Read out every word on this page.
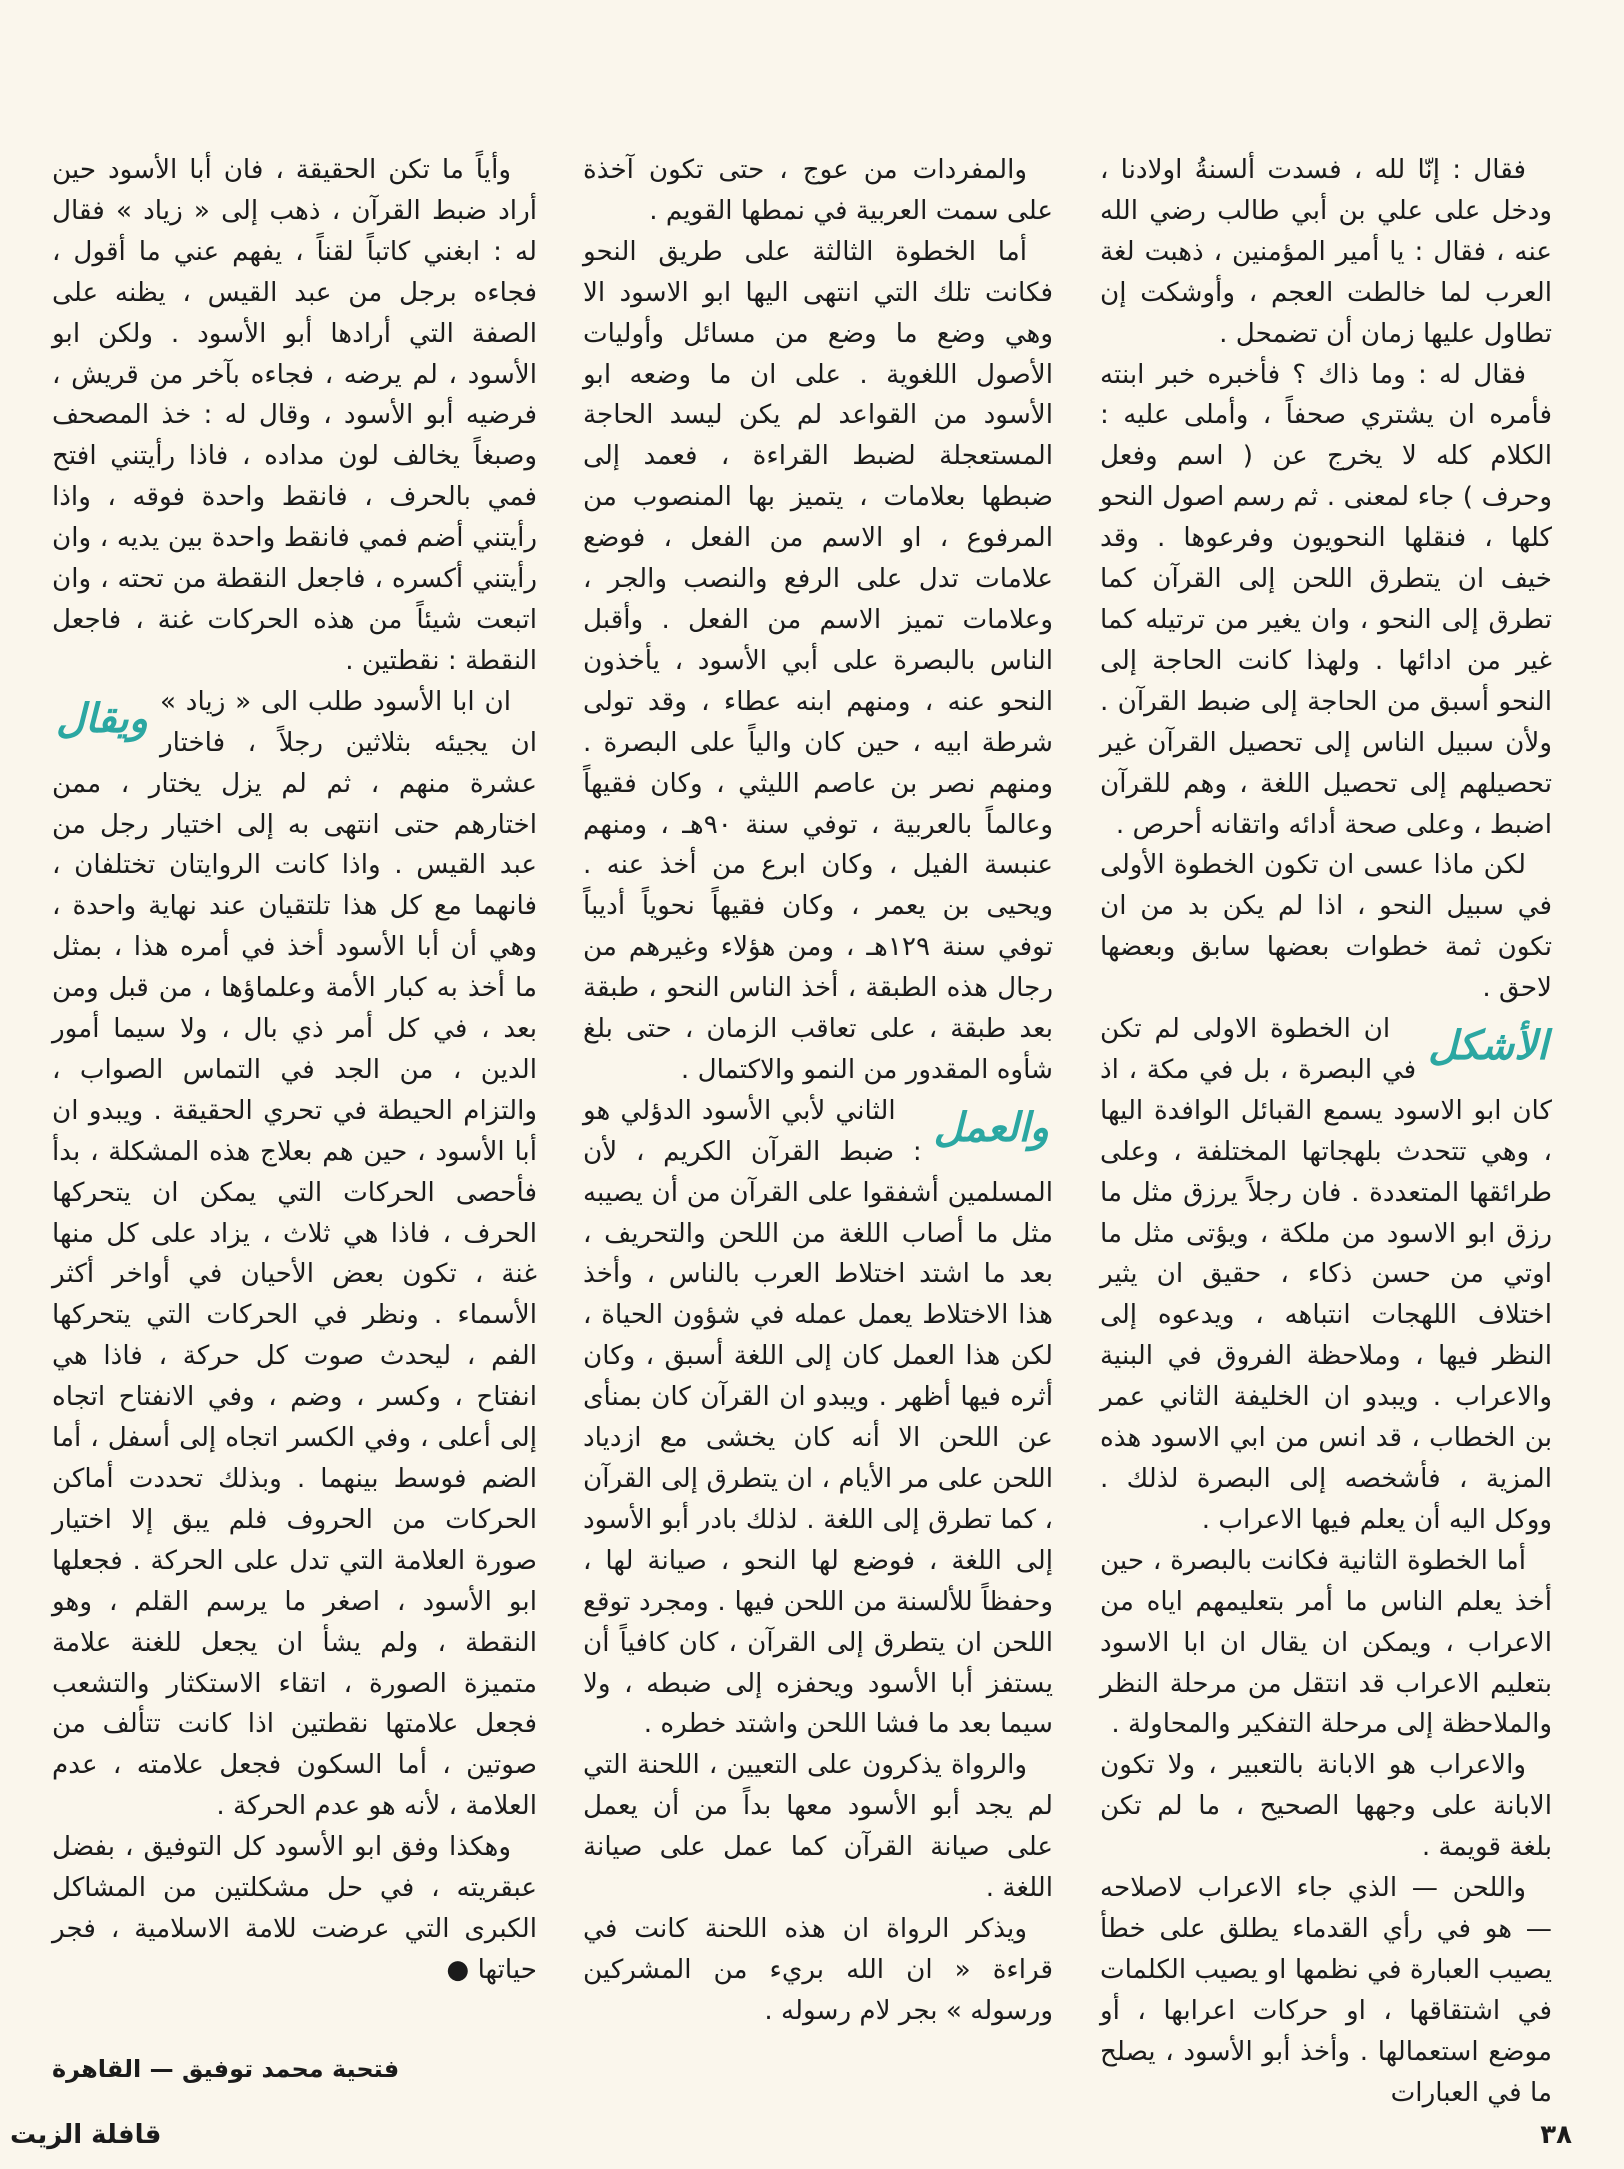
فقال : إنّا لله ، فسدت ألسنةُ اولادنا ، ودخل على علي بن أبي طالب رضي الله عنه ، فقال : يا أمير المؤمنين ، ذهبت لغة العرب لما خالطت العجم ، وأوشكت إن تطاول عليها زمان أن تضمحل .

فقال له : وما ذاك ؟ فأخبره خبر ابنته فأمره ان يشتري صحفاً ، وأملى عليه : الكلام كله لا يخرج عن ( اسم وفعل وحرف ) جاء لمعنى . ثم رسم اصول النحو كلها ، فنقلها النحويون وفرعوها . وقد خيف ان يتطرق اللحن إلى القرآن كما تطرق إلى النحو ، وان يغير من ترتيله كما غير من ادائها . ولهذا كانت الحاجة إلى النحو أسبق من الحاجة إلى ضبط القرآن . ولأن سبيل الناس إلى تحصيل القرآن غير تحصيلهم إلى تحصيل اللغة ، وهم للقرآن اضبط ، وعلى صحة أدائه واتقانه أحرص .

لكن ماذا عسى ان تكون الخطوة الأولى في سبيل النحو ، اذا لم يكن بد من ان تكون ثمة خطوات بعضها سابق وبعضها لاحق .

الأشكل

ان الخطوة الاولى لم تكن في البصرة ، بل في مكة ، اذ كان ابو الاسود يسمع القبائل الوافدة اليها ، وهي تتحدث بلهجاتها المختلفة ، وعلى طرائقها المتعددة . فان رجلاً يرزق مثل ما رزق ابو الاسود من ملكة ، ويؤتى مثل ما اوتي من حسن ذكاء ، حقيق ان يثير اختلاف اللهجات انتباهه ، ويدعوه إلى النظر فيها ، وملاحظة الفروق في البنية والاعراب . ويبدو ان الخليفة الثاني عمر بن الخطاب ، قد انس من ابي الاسود هذه المزية ، فأشخصه إلى البصرة لذلك . ووكل اليه أن يعلم فيها الاعراب .

أما الخطوة الثانية فكانت بالبصرة ، حين أخذ يعلم الناس ما أمر بتعليمهم اياه من الاعراب ، ويمكن ان يقال ان ابا الاسود بتعليم الاعراب قد انتقل من مرحلة النظر والملاحظة إلى مرحلة التفكير والمحاولة .

والاعراب هو الابانة بالتعبير ، ولا تكون الابانة على وجهها الصحيح ، ما لم تكن بلغة قويمة .

واللحن — الذي جاء الاعراب لاصلاحه — هو في رأي القدماء يطلق على خطأ يصيب العبارة في نظمها او يصيب الكلمات في اشتقاقها ، او حركات اعرابها ، أو موضع استعمالها . وأخذ أبو الأسود ، يصلح ما في العبارات

والمفردات من عوج ، حتى تكون آخذة على سمت العربية في نمطها القويم .

أما الخطوة الثالثة على طريق النحو فكانت تلك التي انتهى اليها ابو الاسود الا وهي وضع ما وضع من مسائل وأوليات الأصول اللغوية . على ان ما وضعه ابو الأسود من القواعد لم يكن ليسد الحاجة المستعجلة لضبط القراءة ، فعمد إلى ضبطها بعلامات ، يتميز بها المنصوب من المرفوع ، او الاسم من الفعل ، فوضع علامات تدل على الرفع والنصب والجر ، وعلامات تميز الاسم من الفعل . وأقبل الناس بالبصرة على أبي الأسود ، يأخذون النحو عنه ، ومنهم ابنه عطاء ، وقد تولى شرطة ابيه ، حين كان والياً على البصرة . ومنهم نصر بن عاصم الليثي ، وكان فقيهاً وعالماً بالعربية ، توفي سنة ٩٠هـ ، ومنهم عنبسة الفيل ، وكان ابرع من أخذ عنه . ويحيى بن يعمر ، وكان فقيهاً نحوياً أديباً توفي سنة ١٢٩هـ ، ومن هؤلاء وغيرهم من رجال هذه الطبقة ، أخذ الناس النحو ، طبقة بعد طبقة ، على تعاقب الزمان ، حتى بلغ شأوه المقدور من النمو والاكتمال .

والعمل

الثاني لأبي الأسود الدؤلي هو : ضبط القرآن الكريم ، لأن المسلمين أشفقوا على القرآن من أن يصيبه مثل ما أصاب اللغة من اللحن والتحريف ، بعد ما اشتد اختلاط العرب بالناس ، وأخذ هذا الاختلاط يعمل عمله في شؤون الحياة ، لكن هذا العمل كان إلى اللغة أسبق ، وكان أثره فيها أظهر . ويبدو ان القرآن كان بمنأى عن اللحن الا أنه كان يخشى مع ازدياد اللحن على مر الأيام ، ان يتطرق إلى القرآن ، كما تطرق إلى اللغة . لذلك بادر أبو الأسود إلى اللغة ، فوضع لها النحو ، صيانة لها ، وحفظاً للألسنة من اللحن فيها . ومجرد توقع اللحن ان يتطرق إلى القرآن ، كان كافياً أن يستفز أبا الأسود ويحفزه إلى ضبطه ، ولا سيما بعد ما فشا اللحن واشتد خطره .

والرواة يذكرون على التعيين ، اللحنة التي لم يجد أبو الأسود معها بداً من أن يعمل على صيانة القرآن كما عمل على صيانة اللغة .

ويذكر الرواة ان هذه اللحنة كانت في قراءة « ان الله بريء من المشركين ورسوله » بجر لام رسوله .

وأياً ما تكن الحقيقة ، فان أبا الأسود حين أراد ضبط القرآن ، ذهب إلى « زياد » فقال له : ابغني كاتباً لقناً ، يفهم عني ما أقول ، فجاءه برجل من عبد القيس ، يظنه على الصفة التي أرادها أبو الأسود . ولكن ابو الأسود ، لم يرضه ، فجاءه بآخر من قريش ، فرضيه أبو الأسود ، وقال له : خذ المصحف وصبغاً يخالف لون مداده ، فاذا رأيتني افتح فمي بالحرف ، فانقط واحدة فوقه ، واذا رأيتني أضم فمي فانقط واحدة بين يديه ، وان رأيتني أكسره ، فاجعل النقطة من تحته ، وان اتبعت شيئاً من هذه الحركات غنة ، فاجعل النقطة : نقطتين .

ويقال ان ابا الأسود طلب الى « زياد » ان يجيئه بثلاثين رجلاً ، فاختار عشرة منهم ، ثم لم يزل يختار ، ممن اختارهم حتى انتهى به إلى اختيار رجل من عبد القيس . واذا كانت الروايتان تختلفان ، فانهما مع كل هذا تلتقيان عند نهاية واحدة ، وهي أن أبا الأسود أخذ في أمره هذا ، بمثل ما أخذ به كبار الأمة وعلماؤها ، من قبل ومن بعد ، في كل أمر ذي بال ، ولا سيما أمور الدين ، من الجد في التماس الصواب ، والتزام الحيطة في تحري الحقيقة . ويبدو ان أبا الأسود ، حين هم بعلاج هذه المشكلة ، بدأ فأحصى الحركات التي يمكن ان يتحركها الحرف ، فاذا هي ثلاث ، يزاد على كل منها غنة ، تكون بعض الأحيان في أواخر أكثر الأسماء . ونظر في الحركات التي يتحركها الفم ، ليحدث صوت كل حركة ، فاذا هي انفتاح ، وكسر ، وضم ، وفي الانفتاح اتجاه إلى أعلى ، وفي الكسر اتجاه إلى أسفل ، أما الضم فوسط بينهما . وبذلك تحددت أماكن الحركات من الحروف فلم يبق إلا اختيار صورة العلامة التي تدل على الحركة . فجعلها ابو الأسود ، اصغر ما يرسم القلم ، وهو النقطة ، ولم يشأ ان يجعل للغنة علامة متميزة الصورة ، اتقاء الاستكثار والتشعب فجعل علامتها نقطتين اذا كانت تتألف من صوتين ، أما السكون فجعل علامته ، عدم العلامة ، لأنه هو عدم الحركة .

وهكذا وفق ابو الأسود كل التوفيق ، بفضل عبقريته ، في حل مشكلتين من المشاكل الكبرى التي عرضت للامة الاسلامية ، فجر حياتها ●

فتحية محمد توفيق — القاهرة
٣٨
قافلة الزيت
